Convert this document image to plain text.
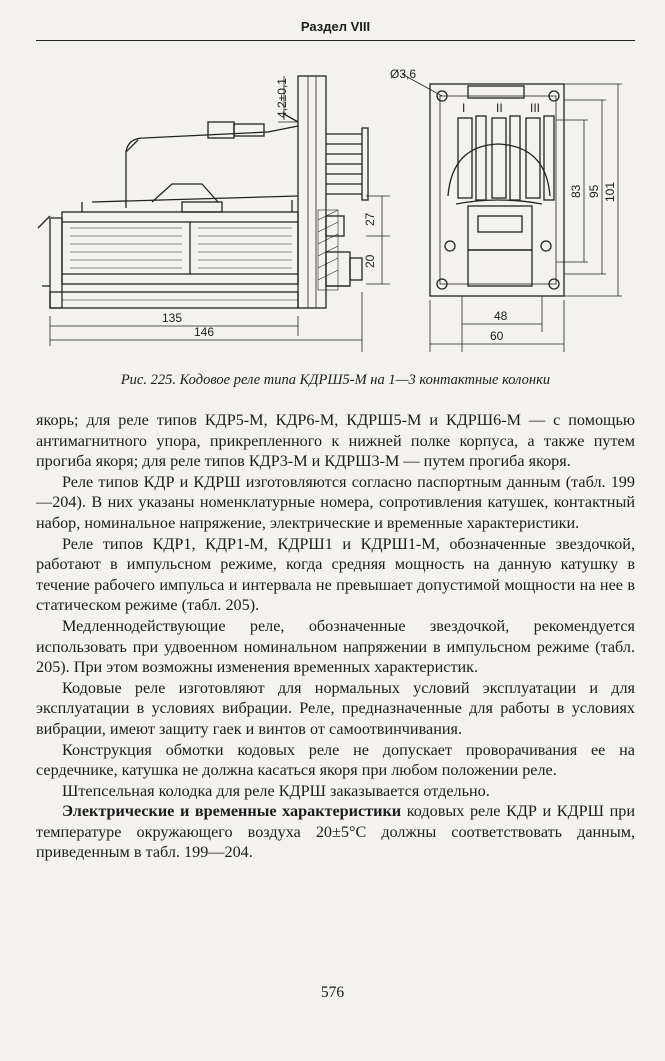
Раздел VIII
Ø3,6
4,2±0,1
27
20
135
146
I	II III
83 95 101
48
60
Рис. 225. Кодовое реле типа КДРШ5-М на 1—3 контактные колонки

якорь; для реле типов КДР5-М, КДР6-М, КДРШ5-М и КДРШ6-М — с помощью антимагнитного упора, прикрепленного к нижней полке корпуса, а также путем прогиба якоря; для реле типов КДР3-М и КДРШ3-М — путем прогиба якоря.

Реле типов КДР и КДРШ изготовляются согласно паспортным данным (табл. 199—204). В них указаны номенклатурные номера, сопротивления катушек, контактный набор, номинальное напряжение, электрические и временные характеристики.

Реле типов КДР1, КДР1-М, КДРШ1 и КДРШ1-М, обозначенные звездочкой, работают в импульсном режиме, когда средняя мощность на данную катушку в течение рабочего импульса и интервала не превышает допустимой мощности на нее в статическом режиме (табл. 205).

Медленнодействующие реле, обозначенные звездочкой, рекомендуется использовать при удвоенном номинальном напряжении в импульсном режиме (табл. 205). При этом возможны изменения временных характеристик.

Кодовые реле изготовляют для нормальных условий эксплуатации и для эксплуатации в условиях вибрации. Реле, предназначенные для работы в условиях вибрации, имеют защиту гаек и винтов от самоотвинчивания.

Конструкция обмотки кодовых реле не допускает проворачивания ее на сердечнике, катушка не должна касаться якоря при любом положении реле.

Штепсельная колодка для реле КДРШ заказывается отдельно.

Электрические и временные характеристики кодовых реле КДР и КДРШ при температуре окружающего воздуха 20±5°С должны соответствовать данным, приведенным в табл. 199—204.

576
